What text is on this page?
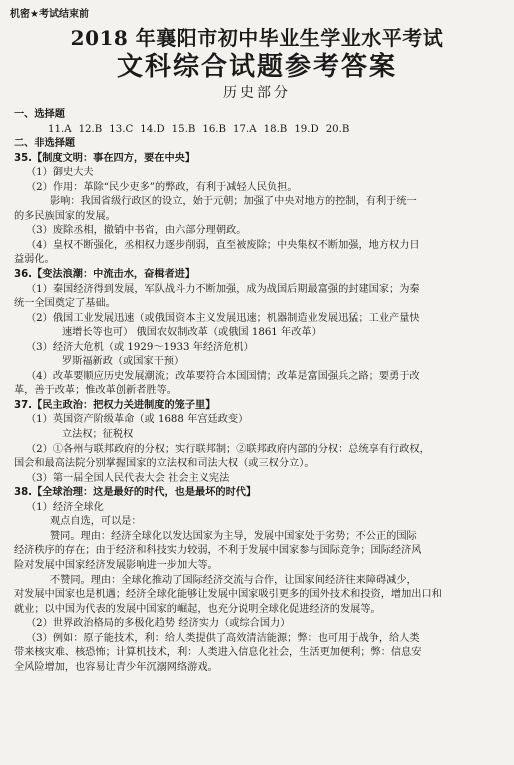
机密★考试结束前
2018 年襄阳市初中毕业生学业水平考试
文科综合试题参考答案
历史部分

一、选择题

11.A 12.B 13.C 14.D 15.B 16.B 17.A 18.B 19.D 20.B

二、非选择题

35.【制度文明：事在四方，要在中央】

（1）御史大夫

（2）作用：革除“民少吏多”的弊政，有利于减轻人民负担。

影响：我国省级行政区的设立，始于元朝；加强了中央对地方的控制，有利于统一

的多民族国家的发展。

（3）废除丞相，撤销中书省，由六部分理朝政。

（4）皇权不断强化，丞相权力逐步削弱，直至被废除；中央集权不断加强，地方权力日

益弱化。

36.【变法浪潮：中流击水，奋楫者进】

（1）秦国经济得到发展，军队战斗力不断加强，成为战国后期最富强的封建国家；为秦

统一全国奠定了基础。

（2）俄国工业发展迅速（或俄国资本主义发展迅速；机器制造业发展迅猛；工业产量快

速增长等也可） 俄国农奴制改革（或俄国 1861 年改革）

（3）经济大危机（或 1929～1933 年经济危机）

罗斯福新政（或国家干预）

（4）改革要顺应历史发展潮流；改革要符合本国国情；改革是富国强兵之路；要勇于改

革，善于改革；惟改革创新者胜等。

37.【民主政治：把权力关进制度的笼子里】

（1）英国资产阶级革命（或 1688 年宫廷政变）

立法权；征税权

（2）①各州与联邦政府的分权；实行联邦制；②联邦政府内部的分权：总统享有行政权，

国会和最高法院分别掌握国家的立法权和司法大权（或三权分立）。

（3）第一届全国人民代表大会 社会主义宪法

38.【全球治理：这是最好的时代，也是最坏的时代】

（1）经济全球化

观点自选，可以是：

赞同。理由：经济全球化以发达国家为主导，发展中国家处于劣势；不公正的国际

经济秩序的存在；由于经济和科技实力较弱，不利于发展中国家参与国际竞争；国际经济风

险对发展中国家经济发展影响进一步加大等。

不赞同。理由：全球化推动了国际经济交流与合作，让国家间经济往来障碍减少，

对发展中国家也是机遇；经济全球化能够让发展中国家吸引更多的国外技术和投资，增加出口和

就业；以中国为代表的发展中国家的崛起，也充分说明全球化促进经济的发展等。

（2）世界政治格局的多极化趋势 经济实力（或综合国力）

（3）例如：原子能技术，利：给人类提供了高效清洁能源；弊：也可用于战争，给人类

带来核灾难、核恐怖；计算机技术，利：人类进入信息化社会，生活更加便利；弊：信息安

全风险增加，也容易让青少年沉溺网络游戏。
